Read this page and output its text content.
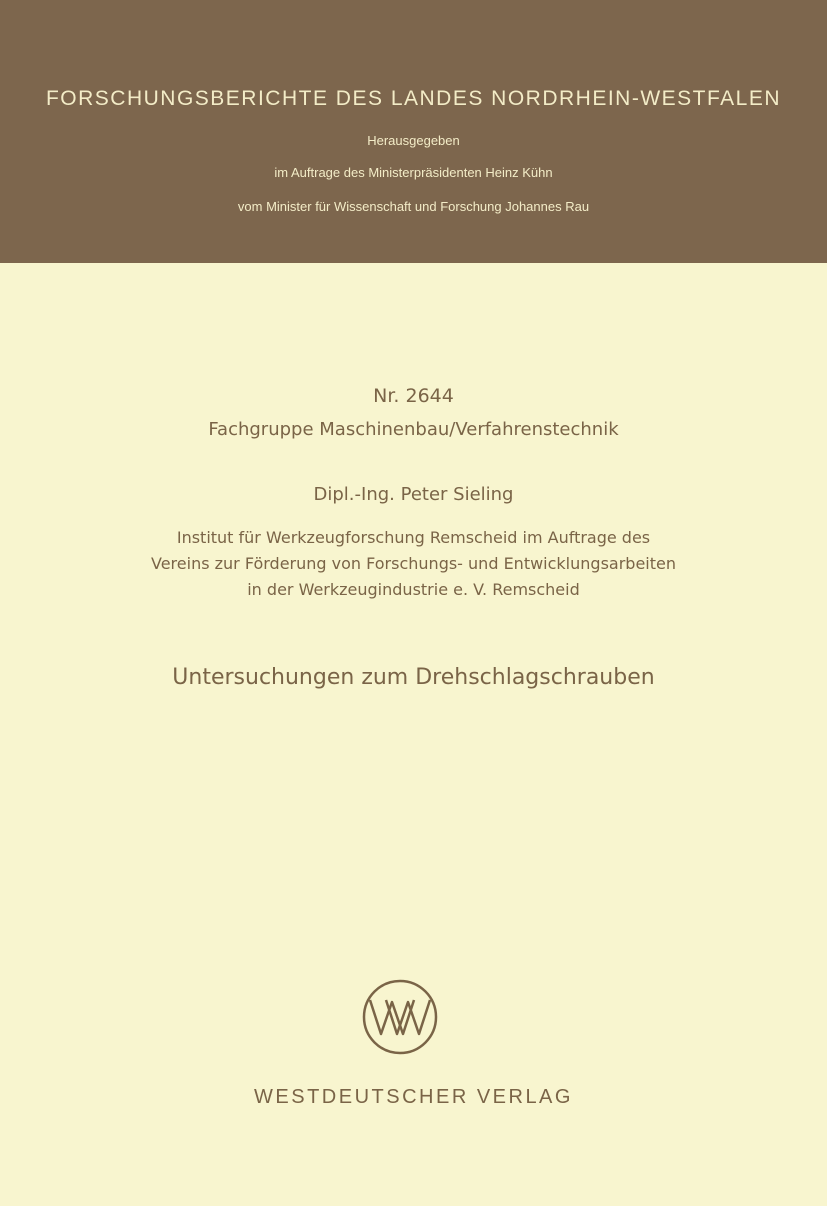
FORSCHUNGSBERICHTE DES LANDES NORDRHEIN-WESTFALEN
Herausgegeben
im Auftrage des Ministerpräsidenten Heinz Kühn
vom Minister für Wissenschaft und Forschung Johannes Rau
Nr. 2644
Fachgruppe Maschinenbau/Verfahrenstechnik
Dipl.-Ing. Peter Sieling
Institut für Werkzeugforschung Remscheid im Auftrage des
Vereins zur Förderung von Forschungs- und Entwicklungsarbeiten
in der Werkzeugindustrie e. V. Remscheid
Untersuchungen zum Drehschlagschrauben
WESTDEUTSCHER VERLAG
